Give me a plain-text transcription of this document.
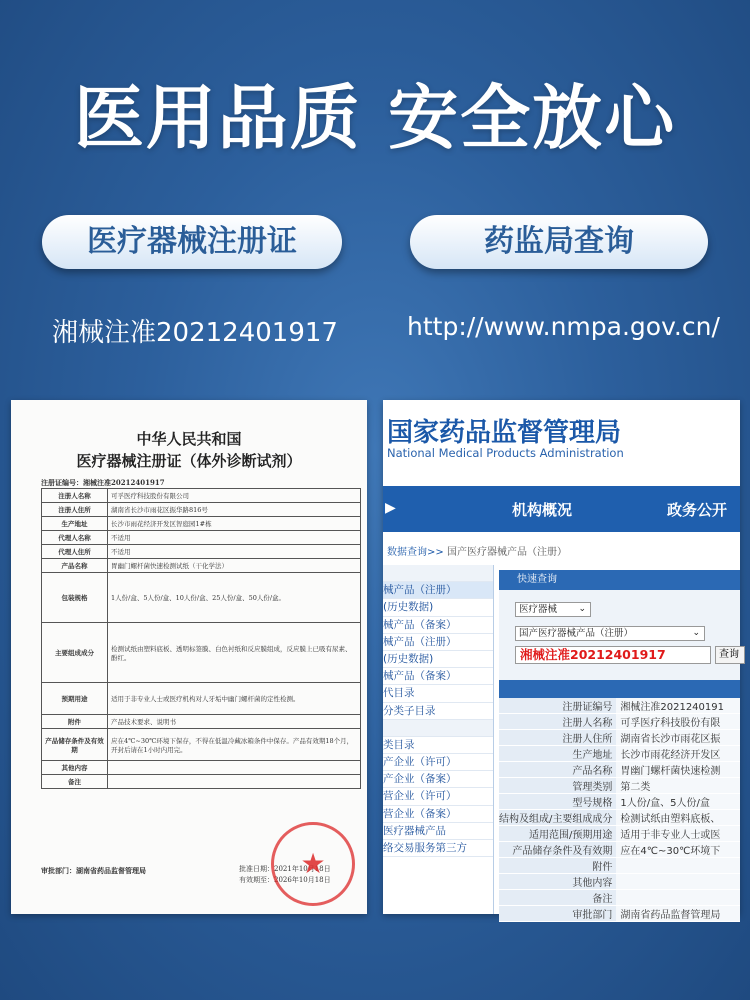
医用品质 安全放心
医疗器械注册证	药监局查询
湘械注准20212401917	http://www.nmpa.gov.cn/
中华人民共和国
医疗器械注册证（体外诊断试剂）
注册证编号：湘械注准20212401917
注册人名称	可孚医疗科技股份有限公司
注册人住所	湖南省长沙市雨花区振华路816号
生产地址	长沙市雨花经济开发区智庭园1#栋
代理人名称	不适用
代理人住所	不适用
产品名称	胃幽门螺杆菌快速检测试纸（干化学法）
包装规格	1人份/盒、5人份/盒、10人份/盒、25人份/盒、50人份/盒。
主要组成成分	检测试纸由塑料底板、透明标签膜、白色衬纸和反应膜组成，反应膜上已吸有尿素、酚红。
预期用途	适用于非专业人士或医疗机构对人牙垢中幽门螺杆菌的定性检测。
附件	产品技术要求、说明书
产品储存条件及有效期	应在4℃~30℃环境下保存，不得在低温冷藏冰箱条件中保存。产品有效期18个月，开封后请在1小时内用完。
其他内容	
备注	
审批部门：湖南省药品监督管理局	批准日期：2021年10月18日
有效期至：2026年10月18日
★
国家药品监督管理局
National Medical Products Administration
▶	机构概况	政务公开
数据查询>> 国产医疗器械产品（注册）
械产品（注册）
(历史数据)
械产品（备案）
械产品（注册）
(历史数据)
械产品（备案）
代目录
分类子目录
类目录
产企业（许可）
产企业（备案）
营企业（许可）
营企业（备案）
医疗器械产品
络交易服务第三方
快速查询
医疗器械 ⌄
国产医疗器械产品（注册）	⌄
湘械注准20212401917	查询
注册证编号	湘械注准2021240191
注册人名称	可孚医疗科技股份有限
注册人住所	湖南省长沙市雨花区振
生产地址	长沙市雨花经济开发区
产品名称	胃幽门螺杆菌快速检测
管理类别	第二类
型号规格	1人份/盒、5人份/盒
结构及组成/主要组成成分	检测试纸由塑料底板、
适用范围/预期用途	适用于非专业人士或医
产品储存条件及有效期	应在4℃~30℃环境下
附件	
其他内容	
备注	
审批部门	湖南省药品监督管理局
